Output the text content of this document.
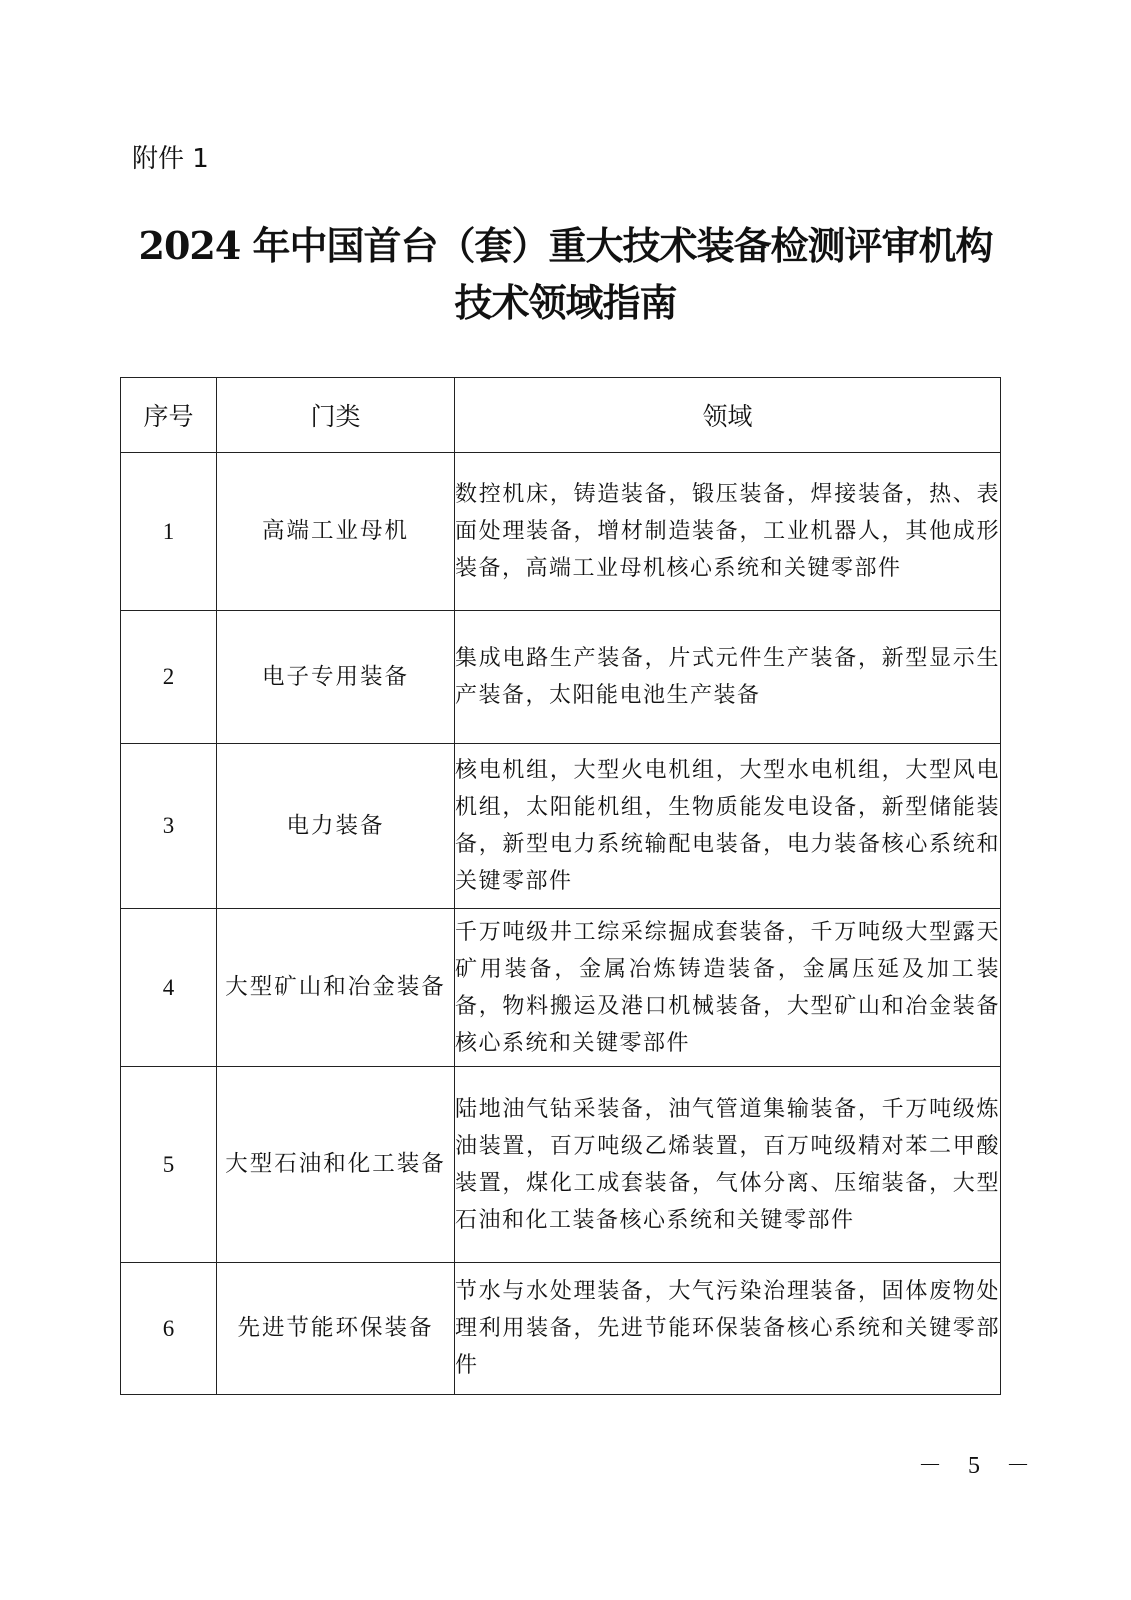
附件 1
2024 年中国首台（套）重大技术装备检测评审机构
技术领域指南
序号	门类	领域
1	高端工业母机	数控机床，铸造装备，锻压装备，焊接装备，热、表面处理装备，增材制造装备，工业机器人，其他成形装备，高端工业母机核心系统和关键零部件
2	电子专用装备	集成电路生产装备，片式元件生产装备，新型显示生产装备，太阳能电池生产装备
3	电力装备	核电机组，大型火电机组，大型水电机组，大型风电机组，太阳能机组，生物质能发电设备，新型储能装备，新型电力系统输配电装备，电力装备核心系统和关键零部件
4	大型矿山和冶金装备	千万吨级井工综采综掘成套装备，千万吨级大型露天矿用装备，金属冶炼铸造装备，金属压延及加工装备，物料搬运及港口机械装备，大型矿山和冶金装备核心系统和关键零部件
5	大型石油和化工装备	陆地油气钻采装备，油气管道集输装备，千万吨级炼油装置，百万吨级乙烯装置，百万吨级精对苯二甲酸装置，煤化工成套装备，气体分离、压缩装备，大型石油和化工装备核心系统和关键零部件
6	先进节能环保装备	节水与水处理装备，大气污染治理装备，固体废物处理利用装备，先进节能环保装备核心系统和关键零部件
－ 5 －
